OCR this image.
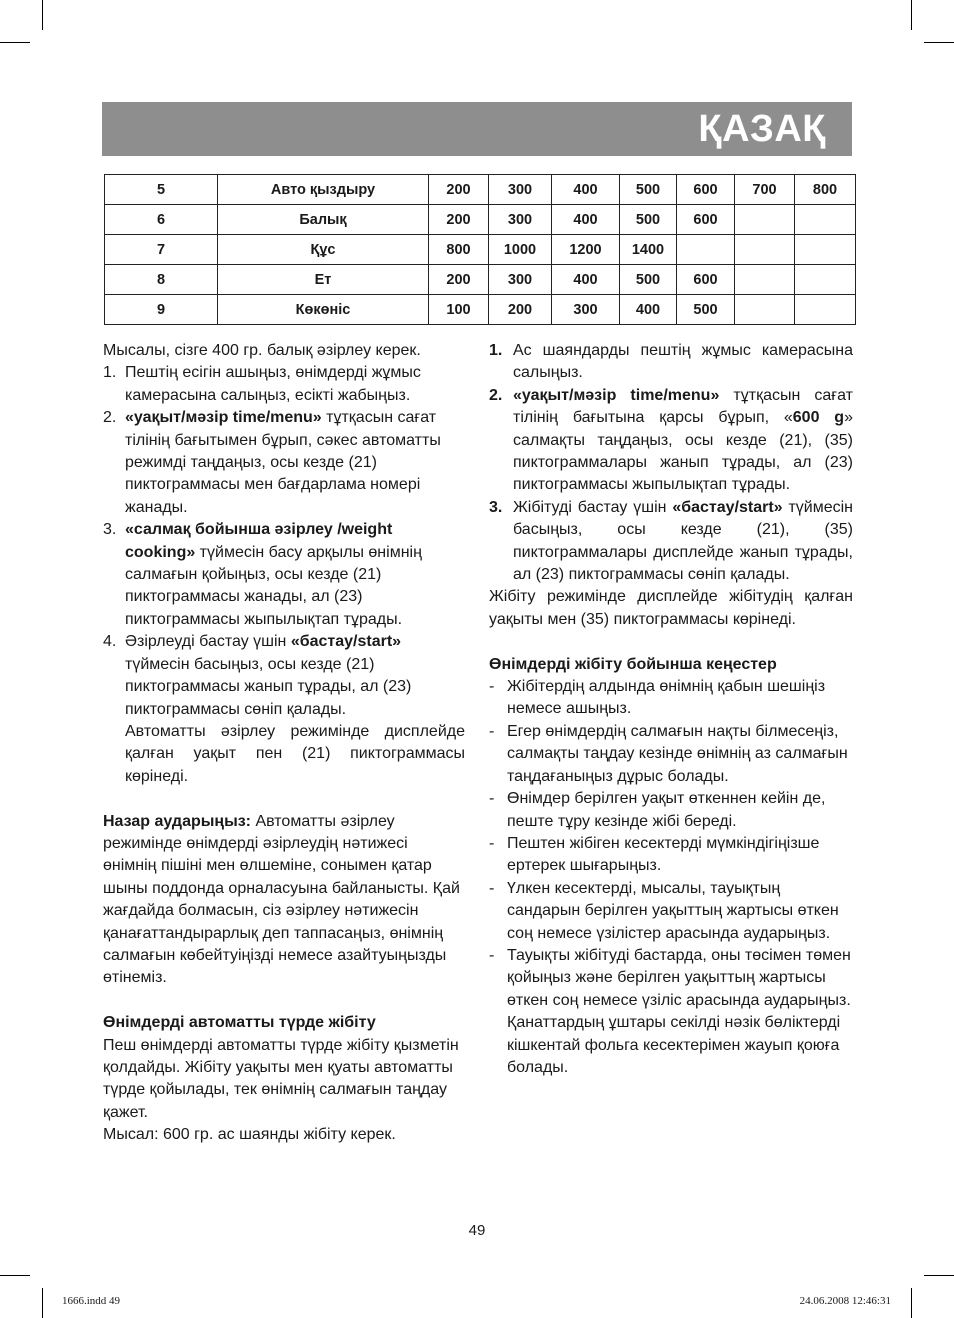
ҚАЗАҚ
5	Авто қыздыру	200	300	400	500	600	700	800
6	Балық	200	300	400	500	600		
7	Құс	800	1000	1200	1400			
8	Ет	200	300	400	500	600		
9	Көкөніс	100	200	300	400	500		

Мысалы, сізге 400 гр. балық әзірлеу керек.

1. Пештің есігін ашыңыз, өнімдерді жұмыс камерасына салыңыз, есікті жабыңыз.
2. «уақыт/мәзір time/menu» тұтқасын сағат тілінің бағытымен бұрып, сәкес автоматты режимді таңдаңыз, осы кезде (21) пиктограммасы мен бағдарлама номері жанады.
3. «салмақ бойынша әзірлеу /weight cooking» түймесін басу арқылы өнімнің салмағын қойыңыз, осы кезде (21) пиктограммасы жанады, ал (23) пиктограммасы жыпылықтап тұрады.
4. Әзірлеуді бастау үшін «бастау/start» түймесін басыңыз, осы кезде (21) пиктограммасы жанып тұрады, ал (23) пиктограммасы сөніп қалады.
Автоматты әзірлеу режимінде дисплейде қалған уақыт пен (21) пиктограммасы көрінеді.

Назар аударыңыз: Автоматты әзірлеу режимінде өнімдерді әзірлеудің нәтижесі өнімнің пішіні мен өлшеміне, сонымен қатар шыны поддонда орналасуына байланысты. Қай жағдайда болмасын, сіз әзірлеу нәтижесін қанағаттандырарлық деп таппасаңыз, өнімнің салмағын көбейтуіңізді немесе азайтуыңызды өтінеміз.

Өнімдерді автоматты түрде жібіту

Пеш өнімдерді автоматты түрде жібіту қызметін қолдайды. Жібіту уақыты мен қуаты автоматты түрде қойылады, тек өнімнің салмағын таңдау қажет.

Мысал: 600 гр. ас шаянды жібіту керек.

1. Ас шаяндарды пештің жұмыс камерасына салыңыз.
2. «уақыт/мәзір time/menu» тұтқасын сағат тілінің бағытына қарсы бұрып, «600 g» салмақты таңдаңыз, осы кезде (21), (35) пиктограммалары жанып тұрады, ал (23) пиктограммасы жыпылықтап тұрады.
3. Жібітуді бастау үшін «бастау/start» түймесін басыңыз, осы кезде (21), (35) пиктограммалары дисплейде жанып тұрады, ал (23) пиктограммасы сөніп қалады.

Жібіту режимінде дисплейде жібітудің қалған уақыты мен (35) пиктограммасы көрінеді.

Өнімдерді жібіту бойынша кеңестер

- Жібітердің алдында өнімнің қабын шешіңіз немесе ашыңыз.
- Егер өнімдердің салмағын нақты білмесеңіз, салмақты таңдау кезінде өнімнің аз салмағын таңдағаныңыз дұрыс болады.
- Өнімдер берілген уақыт өткеннен кейін де, пеште тұру кезінде жібі береді.
- Пештен жібіген кесектерді мүмкіндігіңізше ертерек шығарыңыз.
- Үлкен кесектерді, мысалы, тауықтың сандарын берілген уақыттың жартысы өткен соң немесе үзілістер арасында аударыңыз.
- Тауықты жібітуді бастарда, оны төсімен төмен қойыңыз және берілген уақыттың жартысы өткен соң немесе үзіліс арасында аударыңыз. Қанаттардың ұштары секілді нәзік бөліктерді кішкентай фольга кесектерімен жауып қоюға болады.
49
1666.indd 49	24.06.2008 12:46:31
